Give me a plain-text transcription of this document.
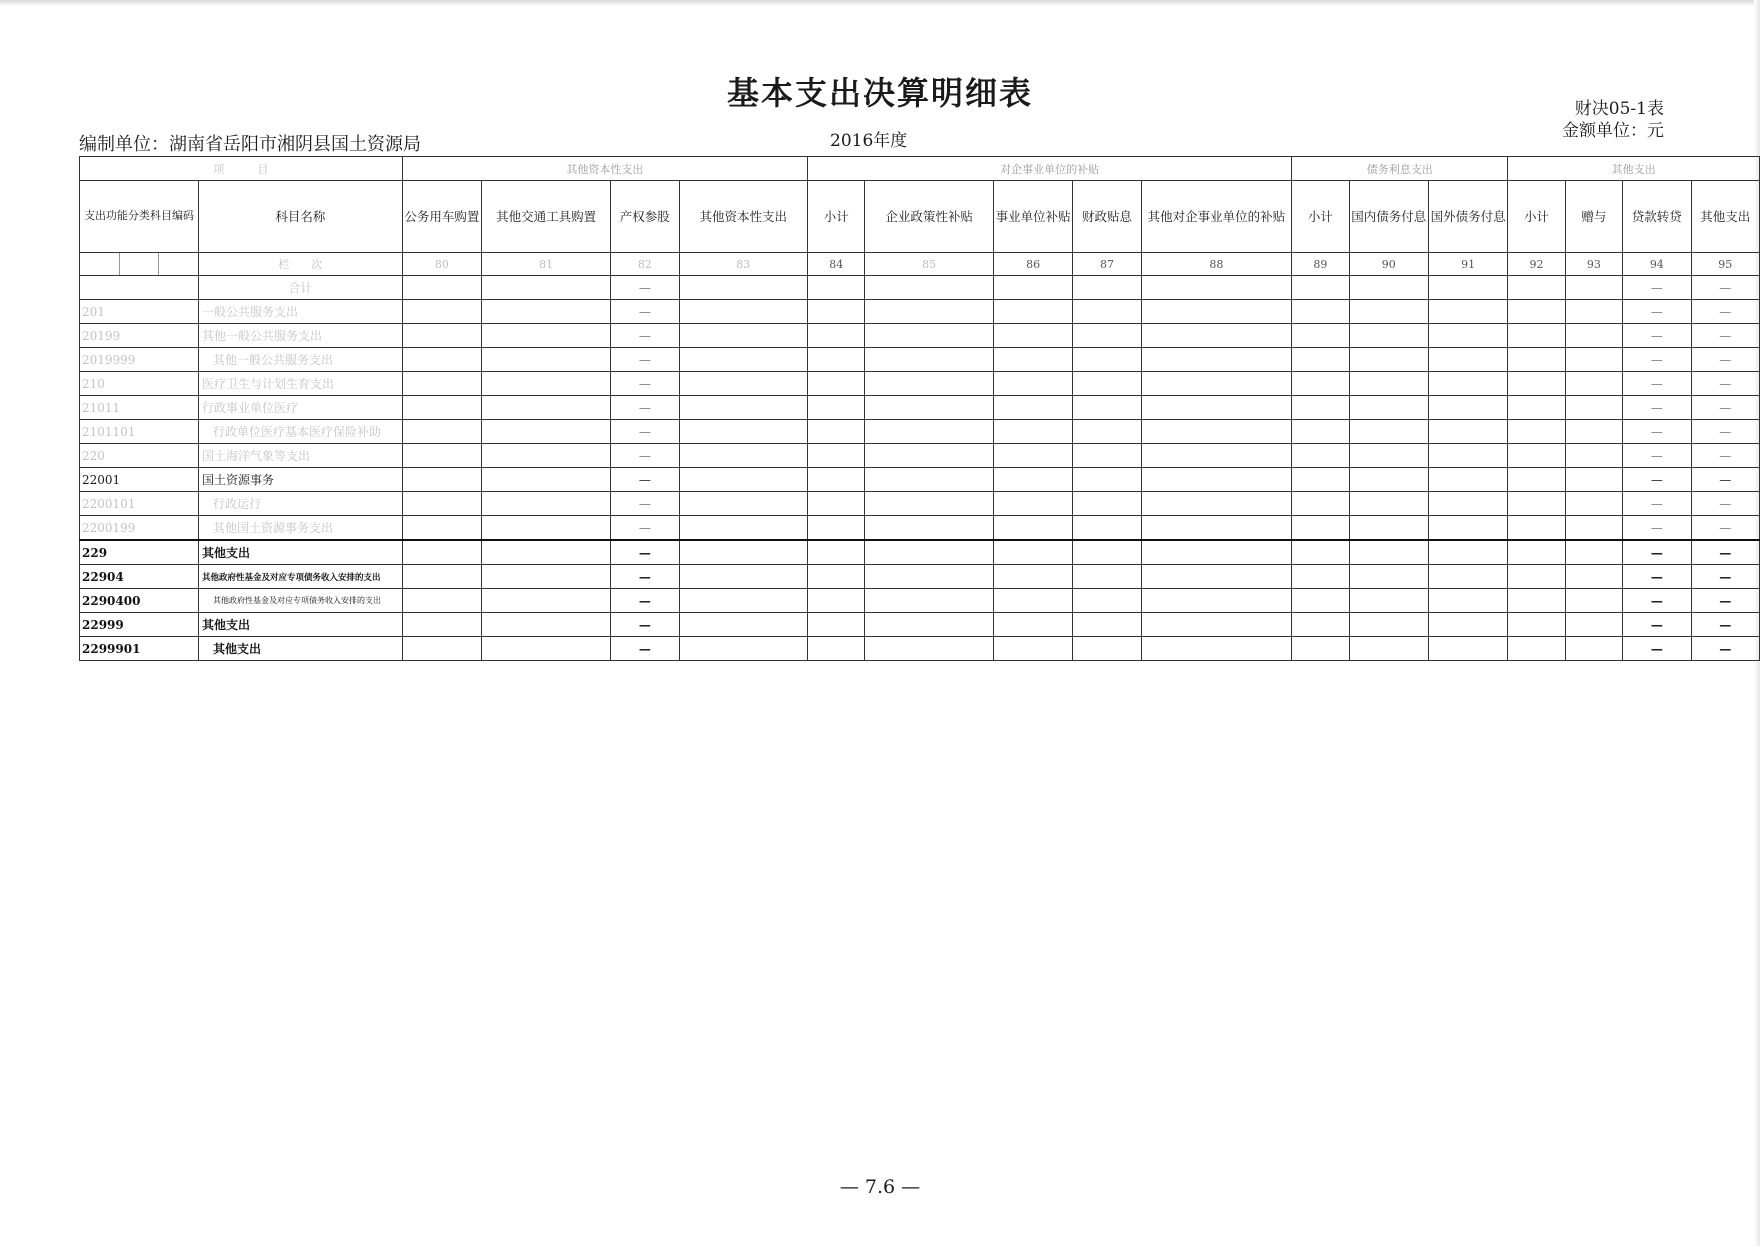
基本支出决算明细表	财决05-1表
金额单位：元
编制单位：湖南省岳阳市湘阴县国土资源局	2016年度
项　　　目		其他资本性支出				对企事业单位的补贴					债务利息支出			其他支出			
支出功能分类科目编码	科目名称	公务用车购置	其他交通工具购置	产权参股	其他资本性支出	小计	企业政策性补贴	事业单位补贴	财政贴息	其他对企事业单位的补贴	小计	国内债务付息	国外债务付息	小计	赠与	贷款转贷	其他支出

	栏　　次	80	81	82	83	84	85	86	87	88	89	90	91	92	93	94	95
	合计			—												—	—
201	一般公共服务支出			—												—	—
20199	其他一般公共服务支出			—												—	—
2019999	其他一般公共服务支出			—												—	—
210	医疗卫生与计划生育支出			—												—	—
21011	行政事业单位医疗			—												—	—
2101101	行政单位医疗基本医疗保险补助			—												—	—
220	国土海洋气象等支出			—												—	—
22001	国土资源事务			—												—	—
2200101	行政运行			—												—	—
2200199	其他国土资源事务支出			—												—	—
229	其他支出			—												—	—
22904	其他政府性基金及对应专项债务收入安排的支出			—												—	—
2290400	其他政府性基金及对应专项债务收入安排的支出			—												—	—
22999	其他支出			—												—	—
2299901	其他支出			—												—	—
— 7.6 —
